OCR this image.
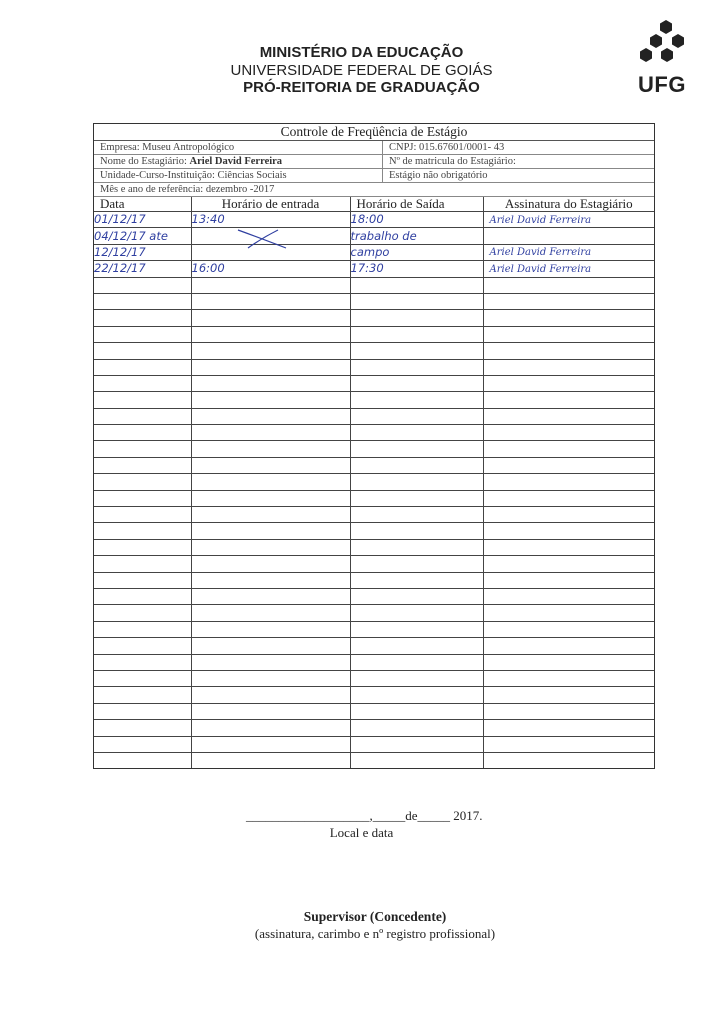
MINISTÉRIO DA EDUCAÇÃO
UNIVERSIDADE FEDERAL DE GOIÁS
PRÓ-REITORIA DE GRADUAÇÃO	UFG
Controle de Freqüência de Estágio
Empresa: Museu Antropológico	CNPJ: 015.67601/0001- 43
Nome do Estagiário: Ariel David Ferreira	Nº de matricula do Estagiário:
Unidade-Curso-Instituição: Ciências Sociais	Estágio não obrigatório
Mês e ano de referência: dezembro -2017
Data	Horário de entrada	Horário de Saída	Assinatura do Estagiário
01/12/17	13:40	18:00	Ariel David Ferreira
04/12/17 ate		trabalho de	
12/12/17		campo	Ariel David Ferreira
22/12/17	16:00	17:30	Ariel David Ferreira

___________________,_____de_____ 2017.
Local e data
Supervisor (Concedente)
(assinatura, carimbo e nº registro profissional)
